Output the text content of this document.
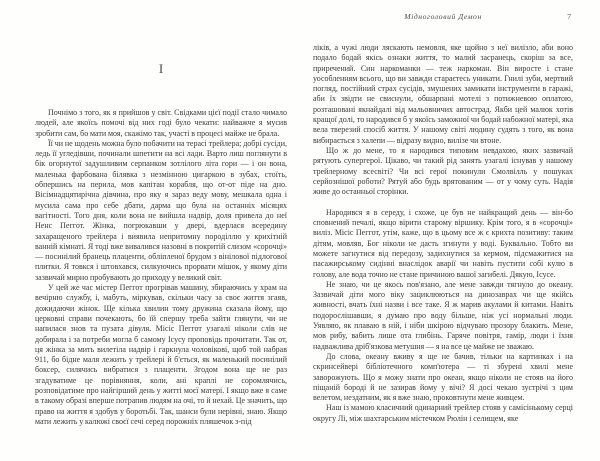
I

Почнімо з того, як я прийшов у світ. Свідками цієї події стало чимало людей, але якоїсь помочі від них годі було чекати: найважче я мусив зробити сам, бо мати моя, скажімо так, участі в процесі майже не брала.

Її чи не щодень можна було побачити на терасі трейлера; добрі сусіди, ледь її угледівши, починали шпетити на всі лади. Варто лиш поглянути в бік огорнутої задушливим серпанком зотлілого літа гори — і он вона, маленька фарбована білявка з незмінною цигаркою в зубах, стоїть, обпершись на перила, мов капітан корабля, що от-от піде на дно. Вісімнадцятирічна дівчина, про яку я зараз веду мову, мешкала одна і мусила сама про себе дбати, дарма що була на останніх місяцях вагітності. Того дня, коли вона не вийшла надвір, доля привела до неї Ненс Пеггот. Жінка, погрюкавши у двері, вдерлася всередину захаращеного трейлера і виявила непритомну породіллю у крихітній ванній кімнаті. Я тоді вже вивалився назовні в покритій слизом «сорочці» — посинілий бранець плаценти, обліпленої брудом з вінілової підлогової плитки. Я товкся і штовхався, силкуючись прорвати мішок, у якому діти зазвичай мирно пробувають до приходу у великий світ.

У цей же час містер Пеггот прогрівав машину, збираючись у храм на вечірню службу, і, мабуть, міркував, скільки часу за своє життя згаяв, дожидаючи жінок. Ще кілька хвилин тому дружина сказала йому, що церковні справи почекають, бо їй спершу треба зайти глянути, чи не напилася знов та пузата дівуля. Місіс Пеггот узагалі ніколи слів не добирала і за потреби могла б самому Ісусу проповідь прочитати. Так от, ця жінка за мить вилетіла надвір і гаркнула чоловікові, щоб той набрав 911, бо бідне маля лежить у трейлері й б'ється, як маленький посинілий боксер, силячись вибратися з плаценти. Згодом вона ще не раз згадуватиме це порівняння, коли, ані краплі не соромлячись, розповідатиме про найгірший день у житті моєї матері. І якщо вже я саме в такому образі вперше потрапив людям на очі, то й нехай. Це значить, що право на життя я здобув у боротьбі. Так, шанси були нерівні, знаю. Якщо мати лежить у калюжі своєї сечі серед порожніх пляшечок з-під

Мідноголовий Демон	7

ліків, а чужі люди ляскають немовля, яке щойно з неї вилізло, аби воно подало бодай якісь ознаки життя, то малий засранець, скоріш за все, приречений. Син наркоманки — теж наркоман. Він виросте і стане уособленням всього, що ви завжди стараєтесь уникати. Гнилі зуби, мертвий погляд, постійний страх сусідів, змушених замикати інструменти в гаражі, аби їх звідти не свиснули, обшарпані мотелі з потижневою оплатою, розташовані якнайдалі від мальовничих автострад. Якби цей малюк хотів кращої долі, то народився б у якоїсь заможної чи бодай набожної матері, яка вела тверезий спосіб життя. У нашому світі людину судять з того, як вона вибирається з халепи — відразу видно, вилізе чи втоне.

Що ж до мене, то я народився типовим невдахою, яких зазвичай рятують супергерої. Цікаво, чи такий рід занять узагалі існував у нашому трейлерному всесвіті? Чи всі герої покинули Смолвілль у пошуках серйознішої роботи? Рятуй або будь врятованим — от у чому суть. Надія живе до останньої сторінки.

Народився я в середу, і схоже, це був не найкращий день — він-бо сповнений печалі, якщо вірити старому віршику. Крім того, я в «сорочці» виліз. Місіс Пеггот, утім, каже, що в цьому все ж є крихта позитиву: таким дітям, мовляв, Бог ніколи не дасть згинути у воді. Буквально. Тобто ви можете загнутися від передозу, задихнутися за кермом, підсмажитися на пасажирському сидінні внаслідок аварії чи навіть пустити собі кулю в голову, але вода точно не стане причиною вашої загибелі. Дякую, Ісусе.

Не знаю, чи це якось пов'язано, але мене завжди тягнуло до океану. Зазвичай діти мого віку зациклюються на динозаврах чи ще якійсь живності, вчать їхні назви і все таке. Я ж марив акулами й китами. Навіть подорослішавши, я думаю про воду більше, ніж усі нормальні люди. Уявляю, як плаваю в ній, і ніби шкірою відчуваю прозору блакить. Мене, мов рибу, вабить лише ота глибінь. Гаряче повітря, гамір, люди і їхня надважлива дріб'язкова метушня — я на все це майже не зважаю.

До слова, океану вживу я ще не бачив, тільки на картинках і на скринсейвері бібліотечного комп'ютера — ті збурені хвилі мене заворожують. Що я можу знати про океан, якщо ніколи не стояв на його піщаній бороді й не зазирав йому у вічі? Я досі чекаю зустрічі з цим велетом, нездатним, як я вже знаю, проковтнути мене живцем.

Наш із мамою класичний одинарний трейлер стояв у самісінькому серці округу Лі, між шахтарським містечком Рюлін і селищем, яке
